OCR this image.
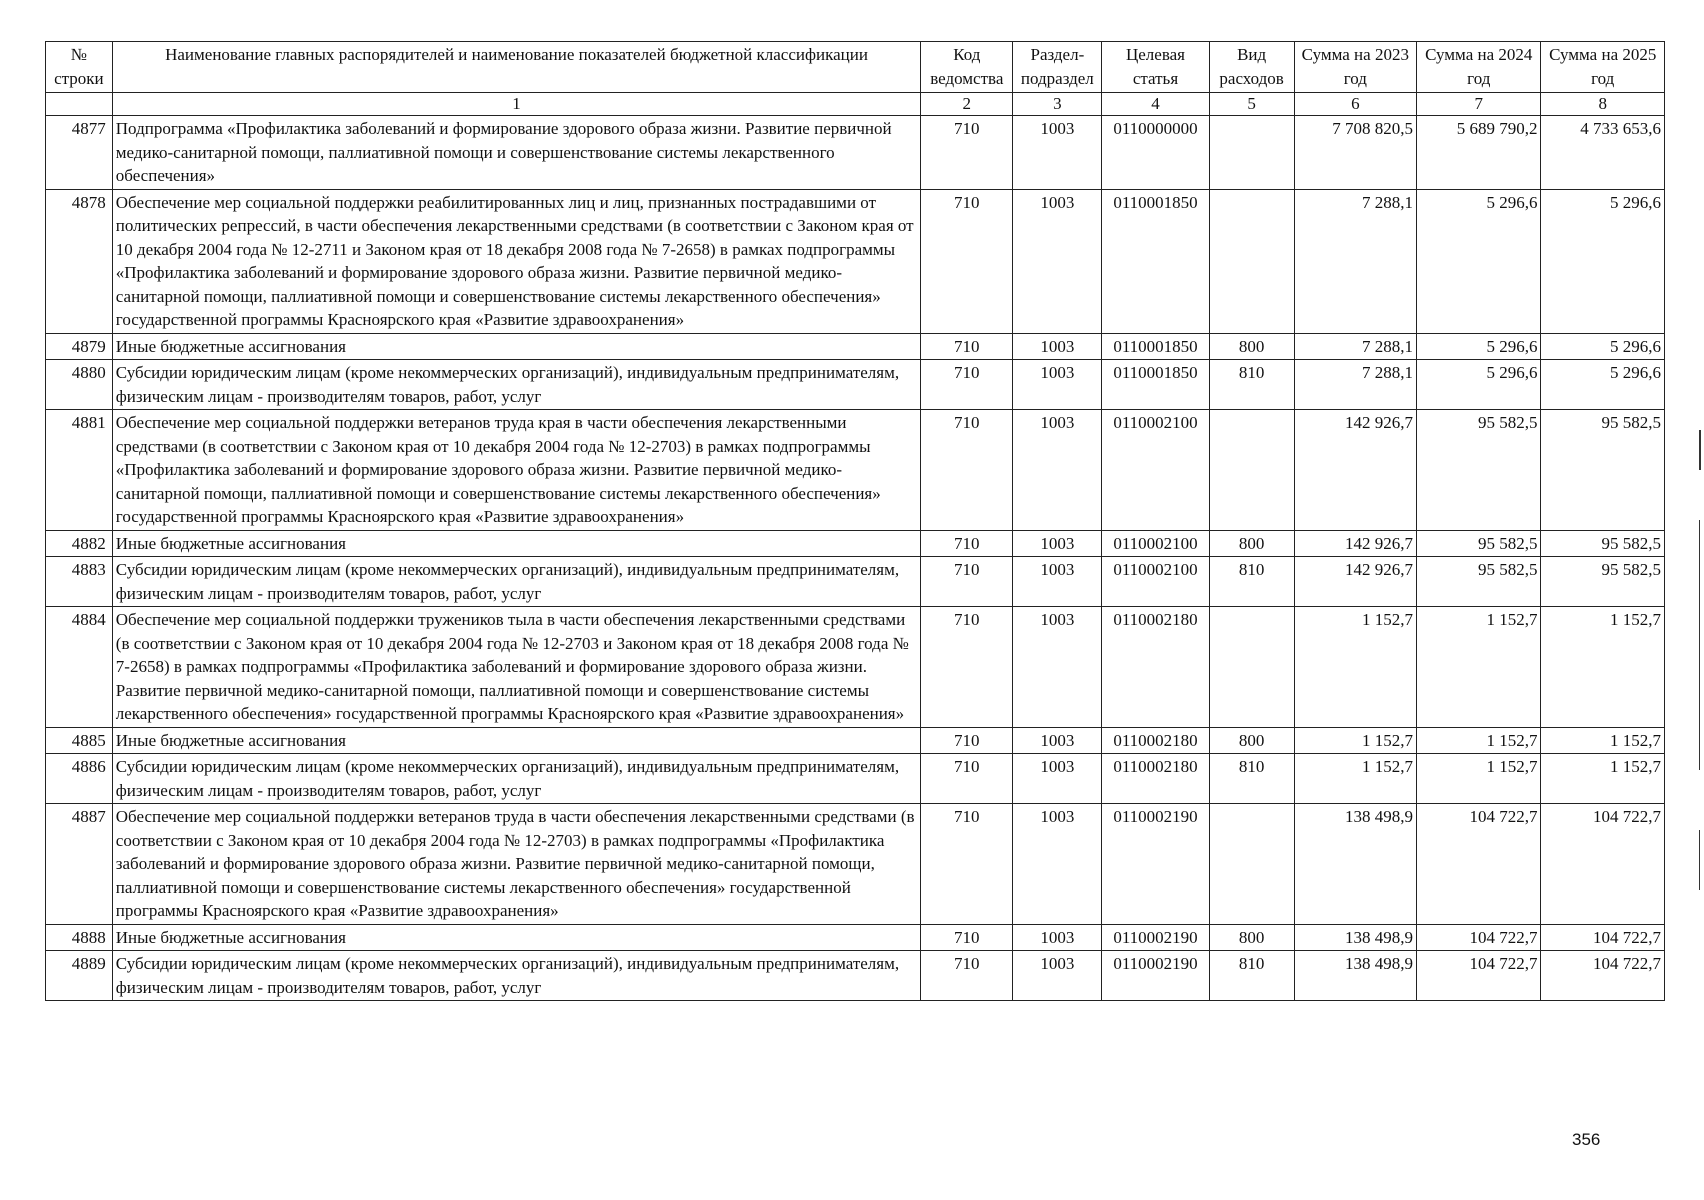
№ строки	Наименование главных распорядителей и наименование показателей бюджетной классификации	Код ведомства	Раздел-подраздел	Целевая статья	Вид расходов	Сумма на 2023 год	Сумма на 2024 год	Сумма на 2025 год
	1	2	3	4	5	6	7	8
4877	Подпрограмма «Профилактика заболеваний и формирование здорового образа жизни. Развитие первичной медико-санитарной помощи, паллиативной помощи и совершенствование системы лекарственного обеспечения»	710	1003	0110000000		7 708 820,5	5 689 790,2	4 733 653,6
4878	Обеспечение мер социальной поддержки реабилитированных лиц и лиц, признанных пострадавшими от политических репрессий, в части обеспечения лекарственными средствами (в соответствии с Законом края от 10 декабря 2004 года № 12-2711 и Законом края от 18 декабря 2008 года № 7-2658) в рамках подпрограммы «Профилактика заболеваний и формирование здорового образа жизни. Развитие первичной медико-санитарной помощи, паллиативной помощи и совершенствование системы лекарственного обеспечения» государственной программы Красноярского края «Развитие здравоохранения»	710	1003	0110001850		7 288,1	5 296,6	5 296,6
4879	Иные бюджетные ассигнования	710	1003	0110001850	800	7 288,1	5 296,6	5 296,6
4880	Субсидии юридическим лицам (кроме некоммерческих организаций), индивидуальным предпринимателям, физическим лицам - производителям товаров, работ, услуг	710	1003	0110001850	810	7 288,1	5 296,6	5 296,6
4881	Обеспечение мер социальной поддержки ветеранов труда края в части обеспечения лекарственными средствами (в соответствии с Законом края от 10 декабря 2004 года № 12-2703) в рамках подпрограммы «Профилактика заболеваний и формирование здорового образа жизни. Развитие первичной медико-санитарной помощи, паллиативной помощи и совершенствование системы лекарственного обеспечения» государственной программы Красноярского края «Развитие здравоохранения»	710	1003	0110002100		142 926,7	95 582,5	95 582,5
4882	Иные бюджетные ассигнования	710	1003	0110002100	800	142 926,7	95 582,5	95 582,5
4883	Субсидии юридическим лицам (кроме некоммерческих организаций), индивидуальным предпринимателям, физическим лицам - производителям товаров, работ, услуг	710	1003	0110002100	810	142 926,7	95 582,5	95 582,5
4884	Обеспечение мер социальной поддержки тружеников тыла в части обеспечения лекарственными средствами (в соответствии с Законом края от 10 декабря 2004 года № 12-2703 и Законом края от 18 декабря 2008 года № 7-2658) в рамках подпрограммы «Профилактика заболеваний и формирование здорового образа жизни. Развитие первичной медико-санитарной помощи, паллиативной помощи и совершенствование системы лекарственного обеспечения» государственной программы Красноярского края «Развитие здравоохранения»	710	1003	0110002180		1 152,7	1 152,7	1 152,7
4885	Иные бюджетные ассигнования	710	1003	0110002180	800	1 152,7	1 152,7	1 152,7
4886	Субсидии юридическим лицам (кроме некоммерческих организаций), индивидуальным предпринимателям, физическим лицам - производителям товаров, работ, услуг	710	1003	0110002180	810	1 152,7	1 152,7	1 152,7
4887	Обеспечение мер социальной поддержки ветеранов труда в части обеспечения лекарственными средствами (в соответствии с Законом края от 10 декабря 2004 года № 12-2703) в рамках подпрограммы «Профилактика заболеваний и формирование здорового образа жизни. Развитие первичной медико-санитарной помощи, паллиативной помощи и совершенствование системы лекарственного обеспечения» государственной программы Красноярского края «Развитие здравоохранения»	710	1003	0110002190		138 498,9	104 722,7	104 722,7
4888	Иные бюджетные ассигнования	710	1003	0110002190	800	138 498,9	104 722,7	104 722,7
4889	Субсидии юридическим лицам (кроме некоммерческих организаций), индивидуальным предпринимателям, физическим лицам - производителям товаров, работ, услуг	710	1003	0110002190	810	138 498,9	104 722,7	104 722,7
356
